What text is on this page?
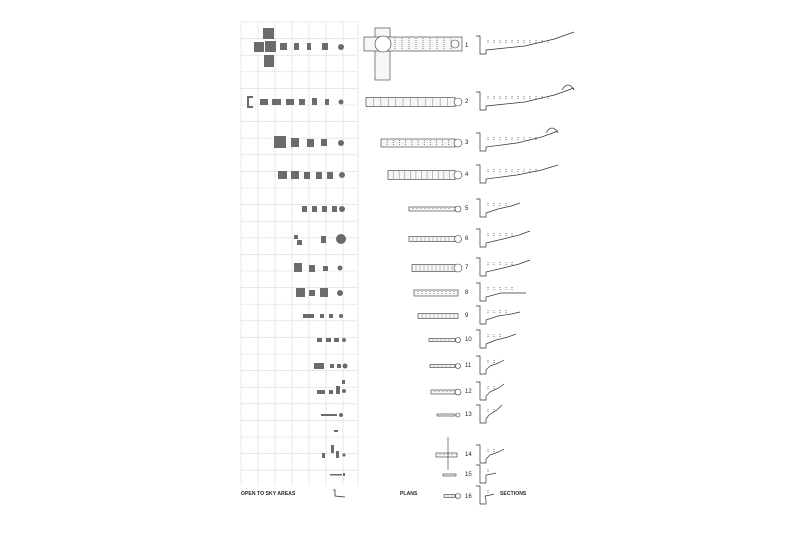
OPEN TO SKY AREAS	PLANS	SECTIONS
1
2
3
4
5
6
7
8
9
10
11
12
13
14
15
16
